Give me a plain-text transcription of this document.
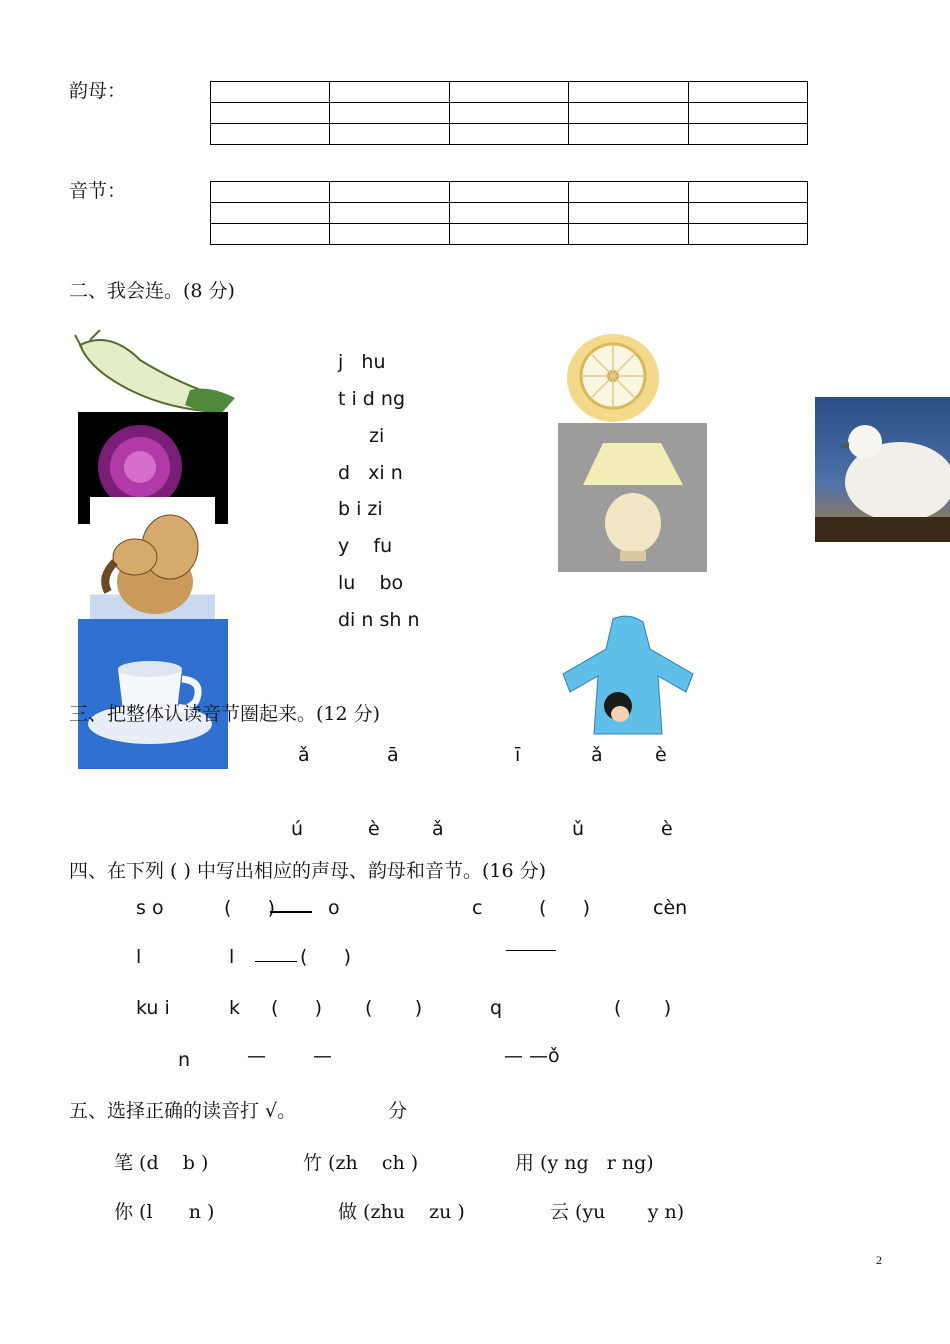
韵母：

音节：

二、我会连。(8 分)
j   hu
t i d ng
zi
d   xi n
b i zi
y    fu
lu    bo
di n sh n
三、把整体认读音节圈起来。(12 分)
ǎ	ā	ī	ǎ	è
ú	è	ǎ	ǔ	è
四、在下列 ( ) 中写出相应的声母、韵母和音节。(16 分)
s o	(      )	o	c	(      )	cèn
l	l	(      )
ku i	k (      ) (       )	q	(       )
n	— —	— —ǒ
五、选择正确的读音打 √。	分
笔 (d    b )	竹 (zh    ch )	用 (y ng   r ng)
你 (l      n )	做 (zhu    zu )	云 (yu       y n)
2
